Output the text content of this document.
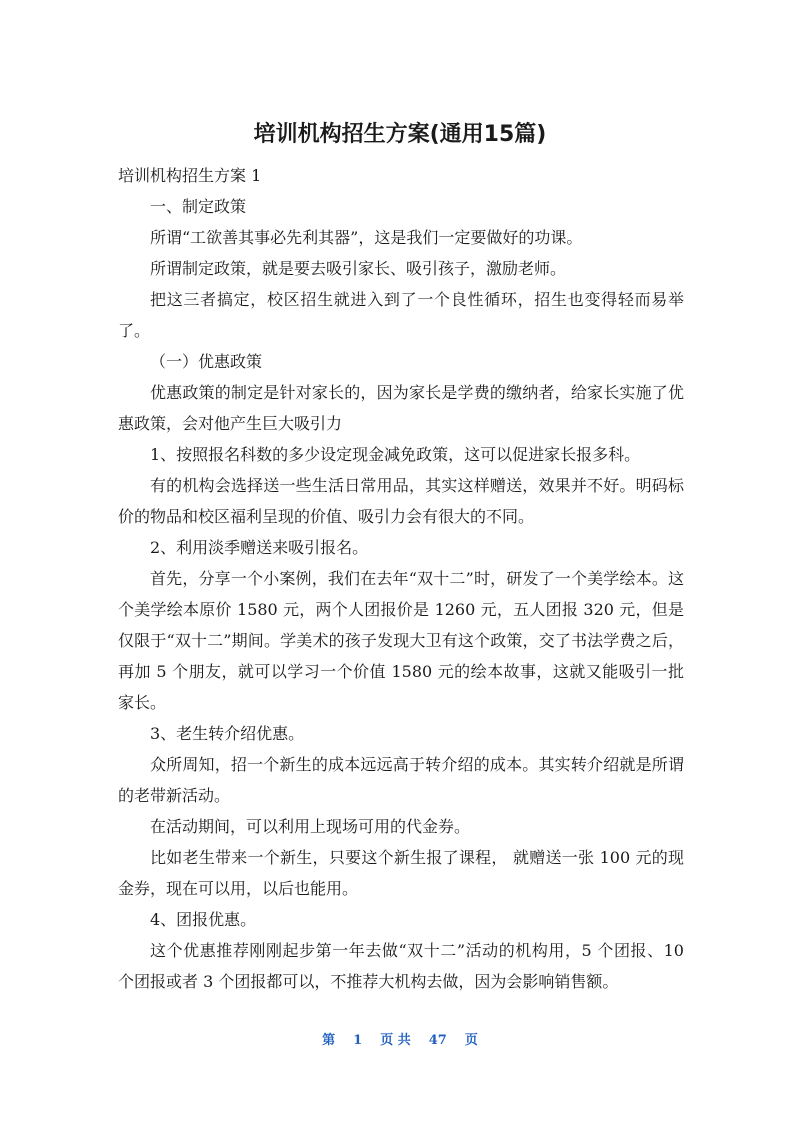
培训机构招生方案(通用15篇)

培训机构招生方案 1

一、制定政策

所谓“工欲善其事必先利其器”，这是我们一定要做好的功课。

所谓制定政策，就是要去吸引家长、吸引孩子，激励老师。

把这三者搞定，校区招生就进入到了一个良性循环，招生也变得轻而易举了。

（一）优惠政策

优惠政策的制定是针对家长的，因为家长是学费的缴纳者，给家长实施了优惠政策，会对他产生巨大吸引力

1、按照报名科数的多少设定现金减免政策，这可以促进家长报多科。

有的机构会选择送一些生活日常用品，其实这样赠送，效果并不好。明码标价的物品和校区福利呈现的价值、吸引力会有很大的不同。

2、利用淡季赠送来吸引报名。

首先，分享一个小案例，我们在去年“双十二”时，研发了一个美学绘本。这个美学绘本原价 1580 元，两个人团报价是 1260 元，五人团报 320 元，但是仅限于“双十二”期间。学美术的孩子发现大卫有这个政策，交了书法学费之后，再加 5 个朋友，就可以学习一个价值 1580 元的绘本故事，这就又能吸引一批家长。

3、老生转介绍优惠。

众所周知，招一个新生的成本远远高于转介绍的成本。其实转介绍就是所谓的老带新活动。

在活动期间，可以利用上现场可用的代金券。

比如老生带来一个新生，只要这个新生报了课程， 就赠送一张 100 元的现金券，现在可以用，以后也能用。

4、团报优惠。

这个优惠推荐刚刚起步第一年去做“双十二”活动的机构用，5 个团报、10 个团报或者 3 个团报都可以，不推荐大机构去做，因为会影响销售额。

第 1 页 共 47 页
